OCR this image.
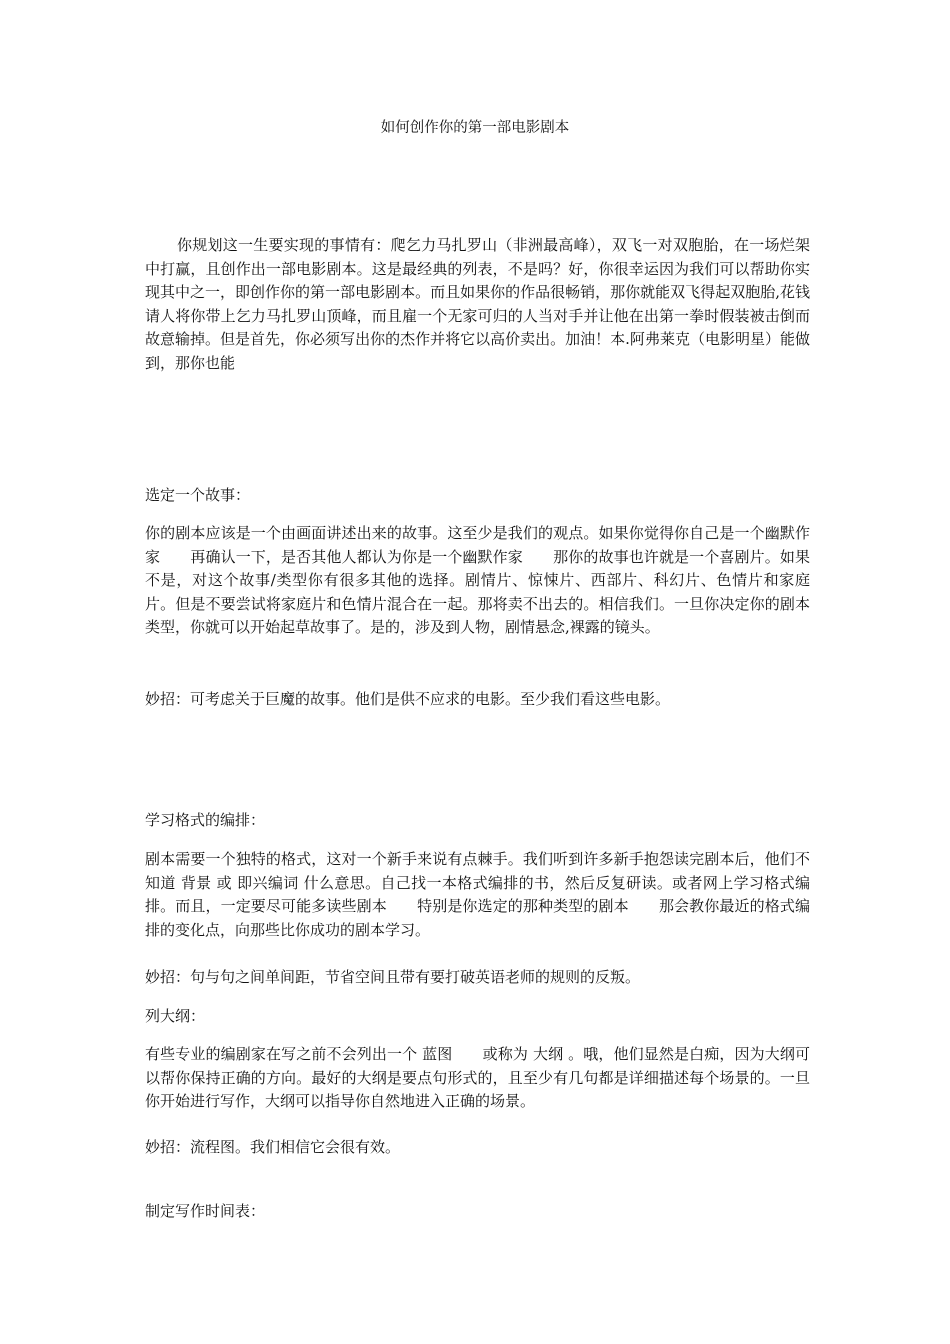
如何创作你的第一部电影剧本
你规划这一生要实现的事情有：爬乞力马扎罗山（非洲最高峰），双飞一对双胞胎，在一场烂架中打赢，且创作出一部电影剧本。这是最经典的列表，不是吗？好，你很幸运因为我们可以帮助你实现其中之一，即创作你的第一部电影剧本。而且如果你的作品很畅销，那你就能双飞得起双胞胎,花钱请人将你带上乞力马扎罗山顶峰，而且雇一个无家可归的人当对手并让他在出第一拳时假装被击倒而故意输掉。但是首先，你必须写出你的杰作并将它以高价卖出。加油！本.阿弗莱克（电影明星）能做到，那你也能
选定一个故事：
你的剧本应该是一个由画面讲述出来的故事。这至少是我们的观点。如果你觉得你自己是一个幽默作家　　再确认一下，是否其他人都认为你是一个幽默作家　　那你的故事也许就是一个喜剧片。如果不是，对这个故事/类型你有很多其他的选择。剧情片、惊悚片、西部片、科幻片、色情片和家庭片。但是不要尝试将家庭片和色情片混合在一起。那将卖不出去的。相信我们。一旦你决定你的剧本类型，你就可以开始起草故事了。是的，涉及到人物，剧情悬念,裸露的镜头。
妙招：可考虑关于巨魔的故事。他们是供不应求的电影。至少我们看这些电影。
学习格式的编排：
剧本需要一个独特的格式，这对一个新手来说有点棘手。我们听到许多新手抱怨读完剧本后，他们不知道 背景 或 即兴编词 什么意思。自己找一本格式编排的书，然后反复研读。或者网上学习格式编排。而且，一定要尽可能多读些剧本　　特别是你选定的那种类型的剧本　　那会教你最近的格式编排的变化点，向那些比你成功的剧本学习。
妙招：句与句之间单间距，节省空间且带有要打破英语老师的规则的反叛。
列大纲：
有些专业的编剧家在写之前不会列出一个 蓝图　　或称为 大纲 。哦，他们显然是白痴，因为大纲可以帮你保持正确的方向。最好的大纲是要点句形式的，且至少有几句都是详细描述每个场景的。一旦你开始进行写作，大纲可以指导你自然地进入正确的场景。
妙招：流程图。我们相信它会很有效。
制定写作时间表：
